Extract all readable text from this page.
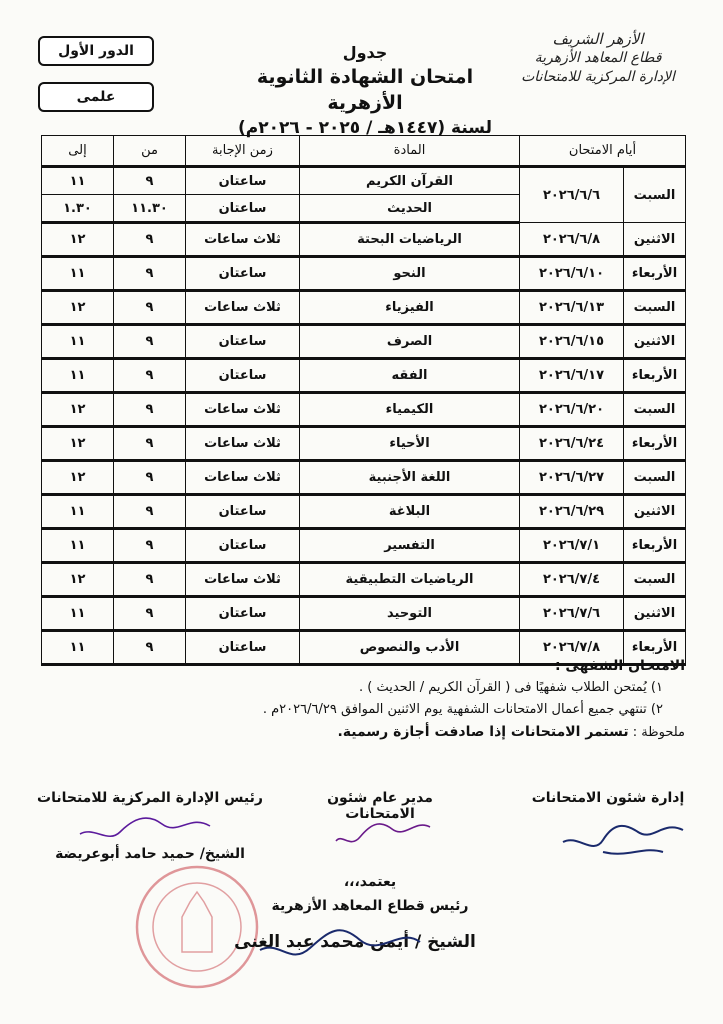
الأزهر الشريف
قطاع المعاهد الأزهرية
الإدارة المركزية للامتحانات
جدول
امتحان الشهادة الثانوية الأزهرية
لسنة (١٤٤٧هـ / ٢٠٢٥ - ٢٠٢٦م)
الدور الأول
علمى
أيام الامتحان		المادة	زمن الإجابة	من	إلى
السبت	٢٠٢٦/٦/٦	القرآن الكريم	ساعتان	٩	١١
		الحديث	ساعتان	١١.٣٠	١.٣٠
الاثنين	٢٠٢٦/٦/٨	الرياضيات البحتة	ثلاث ساعات	٩	١٢
الأربعاء	٢٠٢٦/٦/١٠	النحو	ساعتان	٩	١١
السبت	٢٠٢٦/٦/١٣	الفيزياء	ثلاث ساعات	٩	١٢
الاثنين	٢٠٢٦/٦/١٥	الصرف	ساعتان	٩	١١
الأربعاء	٢٠٢٦/٦/١٧	الفقه	ساعتان	٩	١١
السبت	٢٠٢٦/٦/٢٠	الكيمياء	ثلاث ساعات	٩	١٢
الأربعاء	٢٠٢٦/٦/٢٤	الأحياء	ثلاث ساعات	٩	١٢
السبت	٢٠٢٦/٦/٢٧	اللغة الأجنبية	ثلاث ساعات	٩	١٢
الاثنين	٢٠٢٦/٦/٢٩	البلاغة	ساعتان	٩	١١
الأربعاء	٢٠٢٦/٧/١	التفسير	ساعتان	٩	١١
السبت	٢٠٢٦/٧/٤	الرياضيات التطبيقية	ثلاث ساعات	٩	١٢
الاثنين	٢٠٢٦/٧/٦	التوحيد	ساعتان	٩	١١
الأربعاء	٢٠٢٦/٧/٨	الأدب والنصوص	ساعتان	٩	١١
الامتحان الشفهى :
١) يُمتحن الطلاب شفهيًا فى ( القرآن الكريم / الحديث ) .
٢) تنتهي جميع أعمال الامتحانات الشفهية يوم الاثنين الموافق ٢٠٢٦/٦/٢٩م .
ملحوظة : تستمر الامتحانات إذا صادفت أجازة رسمية.
إدارة شئون الامتحانات
مدير عام شئون الامتحانات
رئيس الإدارة المركزية للامتحانات
الشيخ/ حميد حامد أبوعريضة
يعتمد،،،
رئيس قطاع المعاهد الأزهرية
الشيخ / أيمن محمد عبد الغنى
